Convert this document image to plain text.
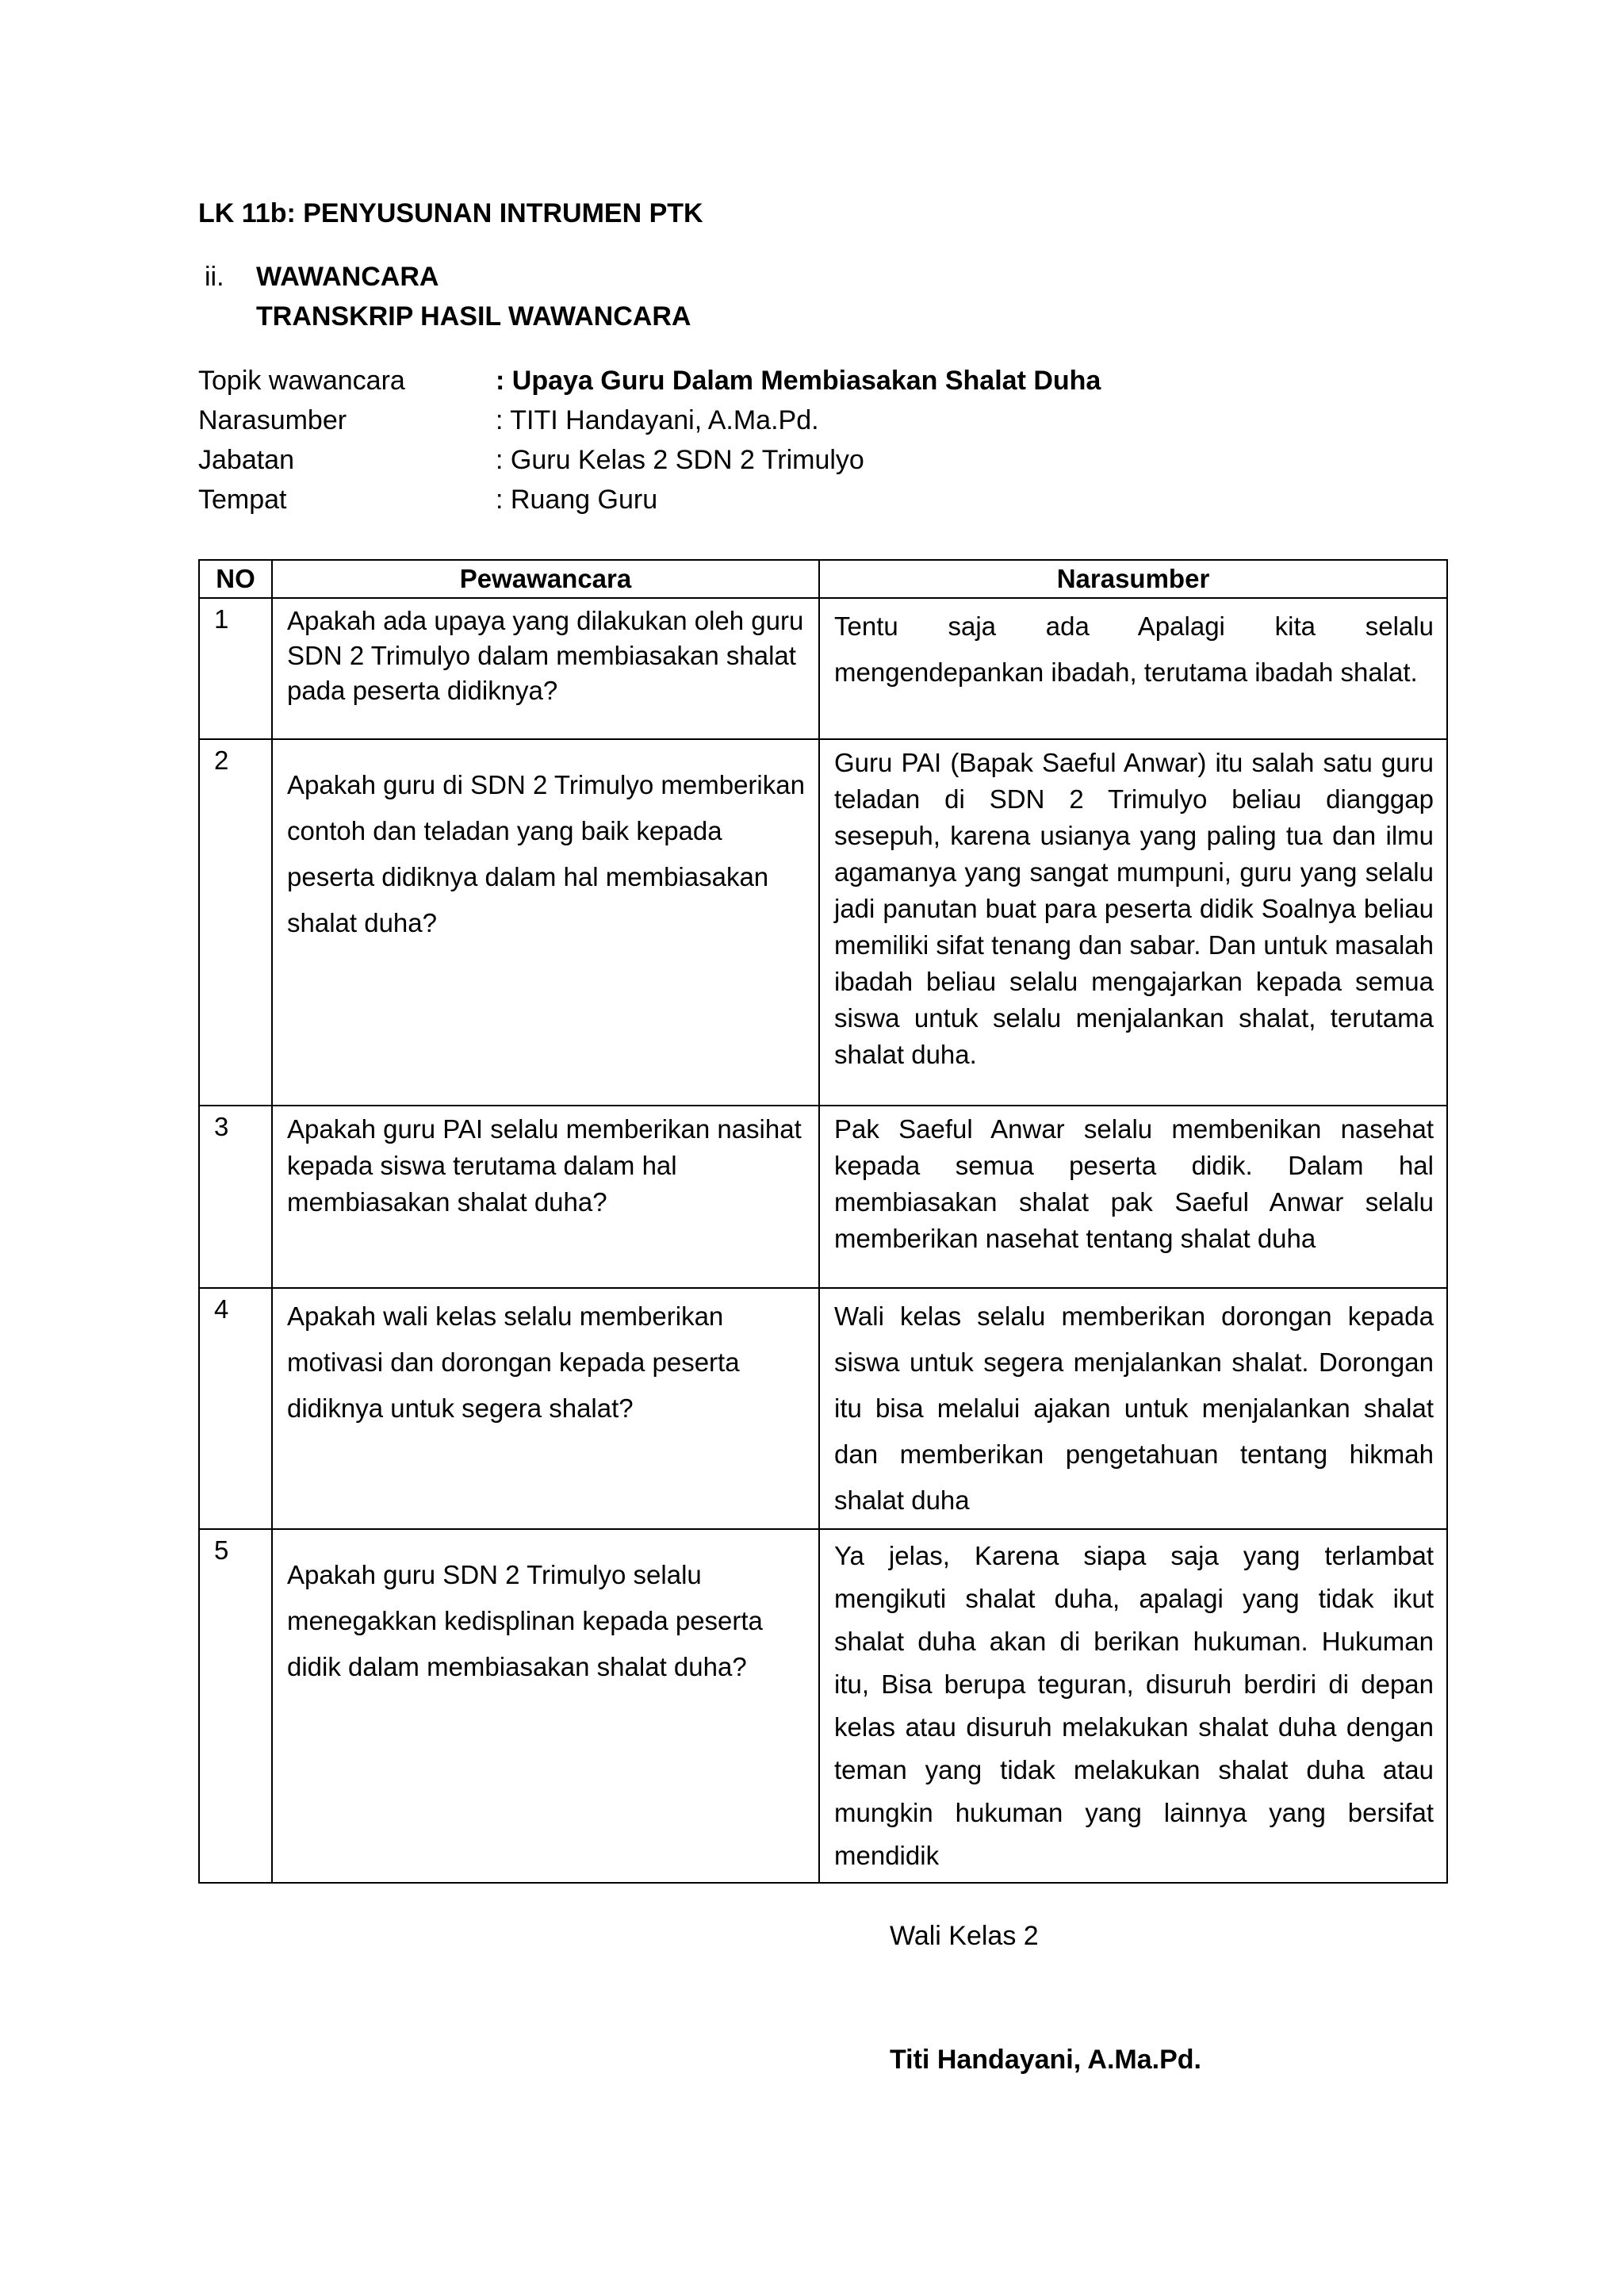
LK 11b: PENYUSUNAN INTRUMEN PTK
ii. WAWANCARA
TRANSKRIP HASIL WAWANCARA
Topik wawancara	: Upaya Guru Dalam Membiasakan Shalat Duha
Narasumber	: TITI Handayani, A.Ma.Pd.
Jabatan	: Guru Kelas 2 SDN 2 Trimulyo
Tempat	: Ruang Guru
NO	Pewawancara	Narasumber
1	Apakah ada upaya yang dilakukan oleh guru SDN 2 Trimulyo dalam membiasakan shalat pada peserta didiknya?	Tentu saja ada Apalagi kita selalu mengendepankan ibadah, terutama ibadah shalat.
2	Apakah guru di SDN 2 Trimulyo memberikan contoh dan teladan yang baik kepada peserta didiknya dalam hal membiasakan shalat duha?	Guru PAI (Bapak Saeful Anwar) itu salah satu guru teladan di SDN 2 Trimulyo beliau dianggap sesepuh, karena usianya yang paling tua dan ilmu agamanya yang sangat mumpuni, guru yang selalu jadi panutan buat para peserta didik Soalnya beliau memiliki sifat tenang dan sabar. Dan untuk masalah ibadah beliau selalu mengajarkan kepada semua siswa untuk selalu menjalankan shalat, terutama shalat duha.
3	Apakah guru PAI selalu memberikan nasihat kepada siswa terutama dalam hal membiasakan shalat duha?	Pak Saeful Anwar selalu membenikan nasehat kepada semua peserta didik. Dalam hal membiasakan shalat pak Saeful Anwar selalu memberikan nasehat tentang shalat duha
4	Apakah wali kelas selalu memberikan motivasi dan dorongan kepada peserta didiknya untuk segera shalat?	Wali kelas selalu memberikan dorongan kepada siswa untuk segera menjalankan shalat. Dorongan itu bisa melalui ajakan untuk menjalankan shalat dan memberikan pengetahuan tentang hikmah shalat duha
5	Apakah guru SDN 2 Trimulyo selalu menegakkan kedisplinan kepada peserta didik dalam membiasakan shalat duha?	Ya jelas, Karena siapa saja yang terlambat mengikuti shalat duha, apalagi yang tidak ikut shalat duha akan di berikan hukuman. Hukuman itu, Bisa berupa teguran, disuruh berdiri di depan kelas atau disuruh melakukan shalat duha dengan teman yang tidak melakukan shalat duha atau mungkin hukuman yang lainnya yang bersifat mendidik
Wali Kelas 2
Titi Handayani, A.Ma.Pd.
